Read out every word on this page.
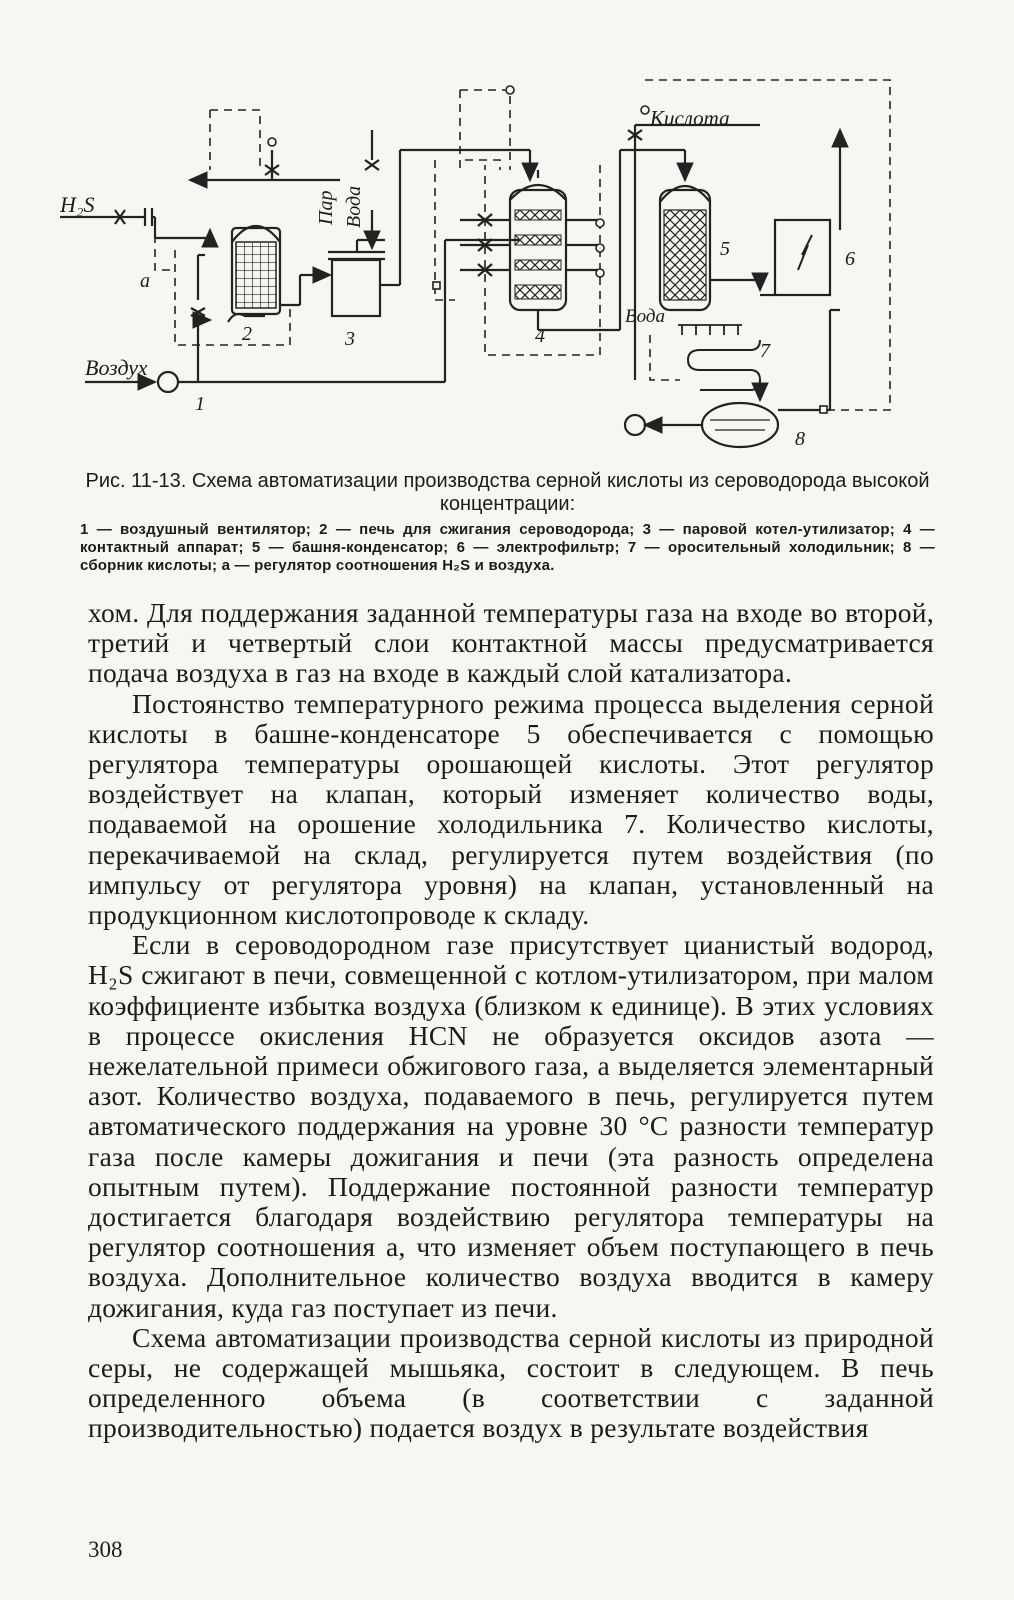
H₂S
Воздух
Пар Вода
Кислота
Вода
а
1
2	3	4
5	6
7
8

Рис. 11-13. Схема автоматизации производства серной кислоты из сероводорода высокой концентрации:

1 — воздушный вентилятор; 2 — печь для сжигания сероводорода; 3 — паровой котел-утилизатор; 4 — контактный аппарат; 5 — башня-конденсатор; 6 — электрофильтр; 7 — оросительный холодильник; 8 — сборник кислоты; а — регулятор соотношения H₂S и воздуха.

хом. Для поддержания заданной температуры газа на входе во второй, третий и четвертый слои контактной массы предусматривается подача воздуха в газ на входе в каждый слой катализатора.

Постоянство температурного режима процесса выделения серной кислоты в башне-конденсаторе 5 обеспечивается с помощью регулятора температуры орошающей кислоты. Этот регулятор воздействует на клапан, который изменяет количество воды, подаваемой на орошение холодильника 7. Количество кислоты, перекачиваемой на склад, регулируется путем воздействия (по импульсу от регулятора уровня) на клапан, установленный на продукционном кислотопроводе к складу.

Если в сероводородном газе присутствует цианистый водород, H₂S сжигают в печи, совмещенной с котлом-утилизатором, при малом коэффициенте избытка воздуха (близком к единице). В этих условиях в процессе окисления HCN не образуется оксидов азота — нежелательной примеси обжигового газа, а выделяется элементарный азот. Количество воздуха, подаваемого в печь, регулируется путем автоматического поддержания на уровне 30 °С разности температур газа после камеры дожигания и печи (эта разность определена опытным путем). Поддержание постоянной разности температур достигается благодаря воздействию регулятора температуры на регулятор соотношения а, что изменяет объем поступающего в печь воздуха. Дополнительное количество воздуха вводится в камеру дожигания, куда газ поступает из печи.

Схема автоматизации производства серной кислоты из природной серы, не содержащей мышьяка, состоит в следующем. В печь определенного объема (в соответствии с заданной производительностью) подается воздух в результате воздействия

308
